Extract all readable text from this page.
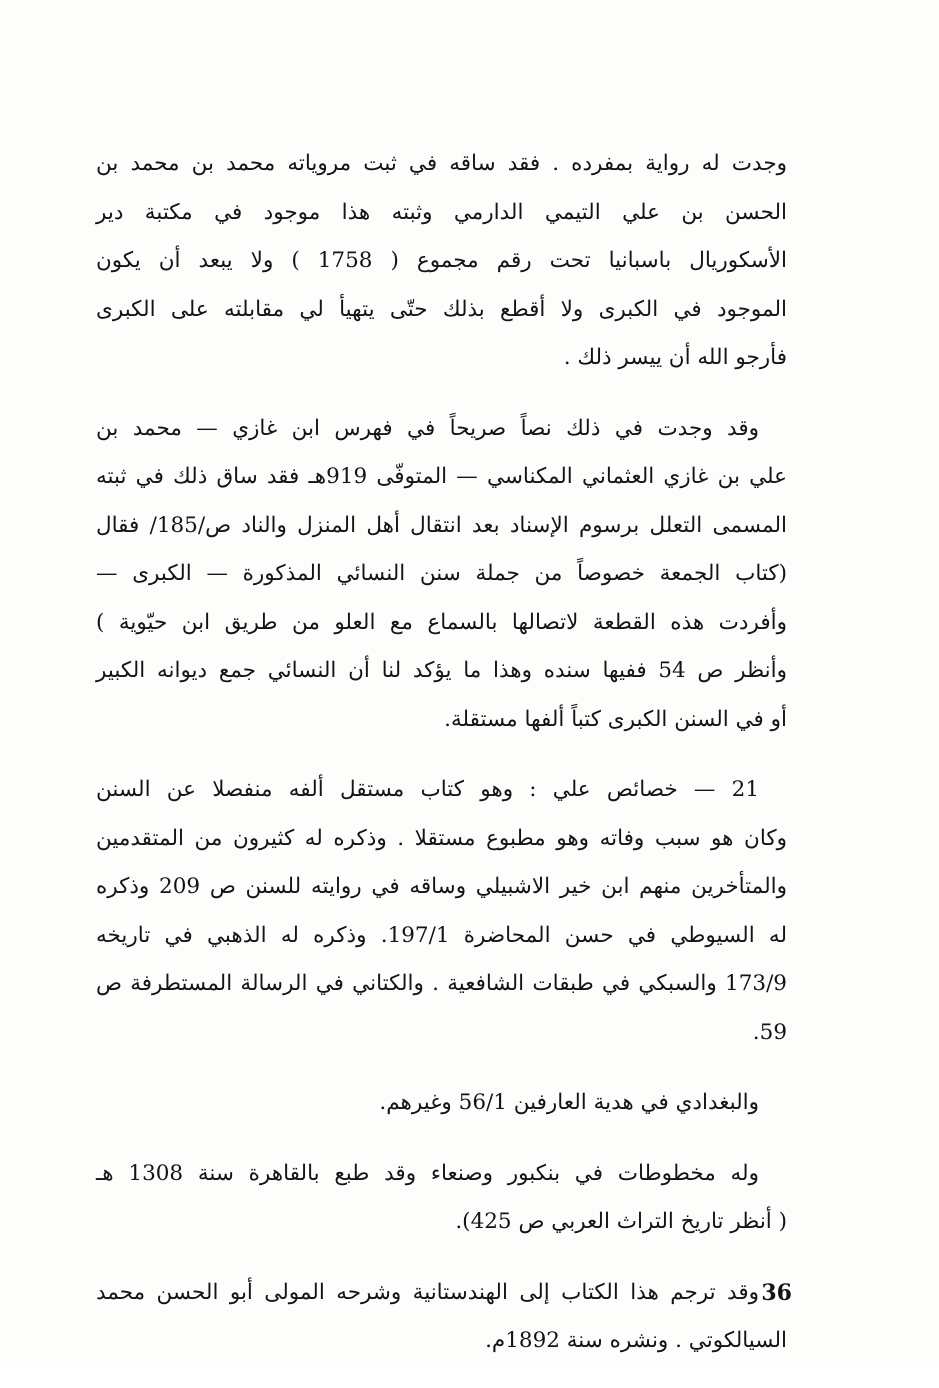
وجدت له رواية بمفرده . فقد ساقه في ثبت مروياته محمد بن محمد بن
الحسن بن علي التيمي الدارمي وثبته هذا موجود في مكتبة دير
الأسكوريال باسبانيا تحت رقم مجموع ( 1758 ) ولا يبعد أن يكون
الموجود في الكبرى ولا أقطع بذلك حتّى يتهيأ لي مقابلته على الكبرى
فأرجو الله أن ييسر ذلك .

وقد وجدت في ذلك نصاً صريحاً في فهرس ابن غازي — محمد بن
علي بن غازي العثماني المكناسي — المتوفّى 919هـ فقد ساق ذلك في ثبته
المسمى التعلل برسوم الإسناد بعد انتقال أهل المنزل والناد ص/185/ فقال
(كتاب الجمعة خصوصاً من جملة سنن النسائي المذكورة — الكبرى —
وأفردت هذه القطعة لاتصالها بالسماع مع العلو من طريق ابن حيّوية )
وأنظر ص 54 ففيها سنده وهذا ما يؤكد لنا أن النسائي جمع ديوانه الكبير
أو في السنن الكبرى كتباً ألفها مستقلة.

21 — خصائص علي : وهو كتاب مستقل ألفه منفصلا عن السنن
وكان هو سبب وفاته وهو مطبوع مستقلا . وذكره له كثيرون من المتقدمين
والمتأخرين منهم ابن خير الاشبيلي وساقه في روايته للسنن ص 209 وذكره
له السيوطي في حسن المحاضرة 197/1. وذكره له الذهبي في تاريخه
173/9 والسبكي في طبقات الشافعية . والكتاني في الرسالة المستطرفة ص
59.

والبغدادي في هدية العارفين 56/1 وغيرهم.

وله مخطوطات في بنكبور وصنعاء وقد طبع بالقاهرة سنة 1308 هـ
( أنظر تاريخ التراث العربي ص 425).

وقد ترجم هذا الكتاب إلى الهندستانية وشرحه المولى أبو الحسن محمد
السيالكوتي . ونشره سنة 1892م.

36
